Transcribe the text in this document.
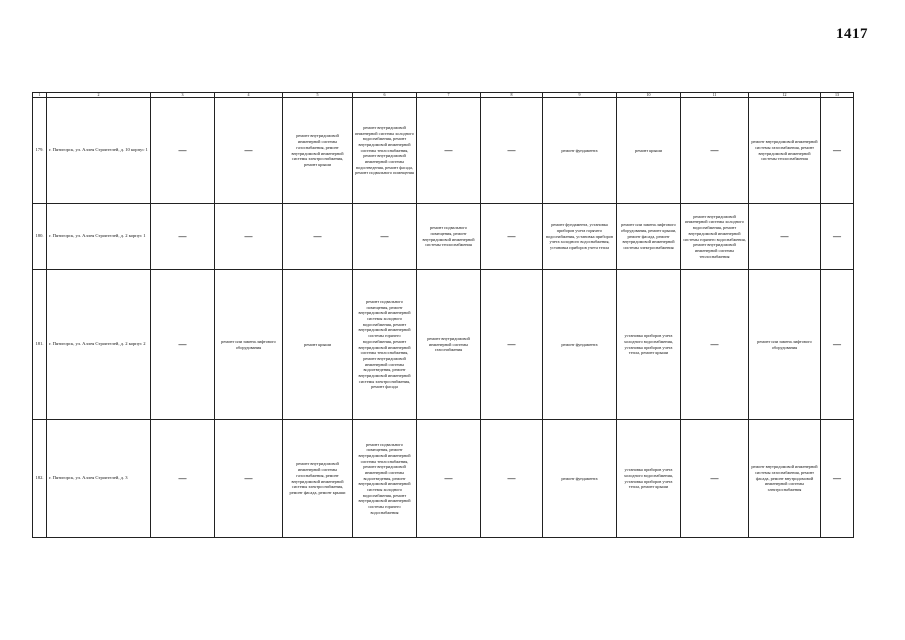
1417
1	2	3	4	5	6	7	8	9	10	11	12	13
179.	г. Пятигорск, ул. Аллея Строителей, д. 10 корпус 1	—	—	ремонт внутридомовой инженерной системы газоснабжения, ремонт внутридомовой инженерной системы электроснабжения, ремонт крыши	ремонт внутридомовой инженерной системы холодного водоснабжения, ремонт внутридомовой инженерной системы теплоснабжения, ремонт внутридомовой инженерной системы водоотведения, ремонт фасада, ремонт подвального помещения	—	—	ремонт фундамента	ремонт крыши	—	ремонт внутридомовой инженерной системы газоснабжения, ремонт внутридомовой инженерной системы теплоснабжения	—
180.	г. Пятигорск, ул. Аллея Строителей, д. 2 корпус 1	—	—	—	—	ремонт подвального помещения, ремонт внутридомовой инженерной системы теплоснабжения	—	ремонт фундамента, установка приборов учета горячего водоснабжения, установка приборов учета холодного водоснабжения, установка приборов учета тепла	ремонт или замена лифтового оборудования, ремонт крыши, ремонт фасада, ремонт внутридомовой инженерной системы электроснабжения	ремонт внутридомовой инженерной системы холодного водоснабжения, ремонт внутридомовой инженерной системы горячего водоснабжения, ремонт внутридомовой инженерной системы теплоснабжения	—	—
181.	г. Пятигорск, ул. Аллея Строителей, д. 2 корпус 2	—	ремонт или замена лифтового оборудования	ремонт крыши	ремонт подвального помещения, ремонт внутридомовой инженерной системы холодного водоснабжения, ремонт внутридомовой инженерной системы горячего водоснабжения, ремонт внутридомовой инженерной системы теплоснабжения, ремонт внутридомовой инженерной системы водоотведения, ремонт внутридомовой инженерной системы электроснабжения, ремонт фасада	ремонт внутридомовой инженерной системы газоснабжения	—	ремонт фундамента	установка приборов учета холодного водоснабжения, установка приборов учета тепла, ремонт крыши	—	ремонт или замена лифтового оборудования	—
182.	г. Пятигорск, ул. Аллея Строителей, д. 3	—	—	ремонт внутридомовой инженерной системы газоснабжения, ремонт внутридомовой инженерной системы электроснабжения, ремонт фасада, ремонт крыши	ремонт подвального помещения, ремонт внутридомовой инженерной системы теплоснабжения, ремонт внутридомовой инженерной системы водоотведения, ремонт внутридомовой инженерной системы холодного водоснабжения, ремонт внутридомовой инженерной системы горячего водоснабжения	—	—	ремонт фундамента	установка приборов учета холодного водоснабжения, установка приборов учета тепла, ремонт крыши	—	ремонт внутридомовой инженерной системы газоснабжения, ремонт фасада, ремонт внутридомовой инженерной системы электроснабжения	—
